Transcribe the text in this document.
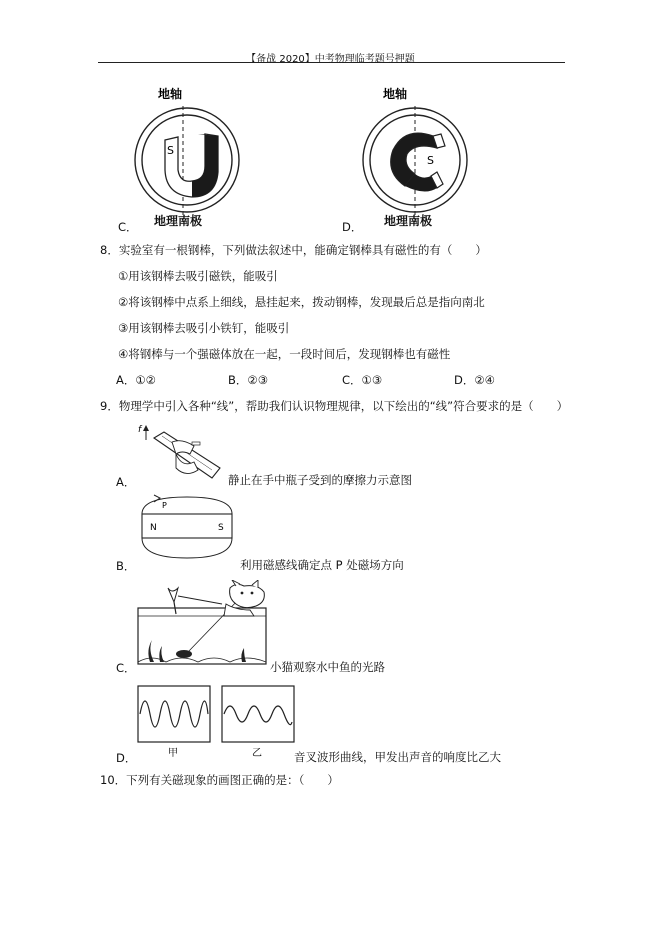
【备战 2020】中考物理临考题号押题
地轴
S
地理南极
C．
地轴
S
地理南极
D．
8．实验室有一根钢棒，下列做法叙述中，能确定钢棒具有磁性的有（　　）
①用该钢棒去吸引磁铁，能吸引
②将该钢棒中点系上细线，悬挂起来，拨动钢棒，发现最后总是指向南北
③用该钢棒去吸引小铁钉，能吸引
④将钢棒与一个强磁体放在一起，一段时间后，发现钢棒也有磁性
A．①②	B．②③	C．①③	D．②④
9．物理学中引入各种“线”，帮助我们认识物理规律，以下绘出的“线”符合要求的是（　　）
f
A．	静止在手中瓶子受到的摩擦力示意图
P
N	S
B．	利用磁感线确定点 P 处磁场方向
C．	小猫观察水中鱼的光路
甲	乙
D．	音叉波形曲线，甲发出声音的响度比乙大
10．下列有关磁现象的画图正确的是：（　　）
